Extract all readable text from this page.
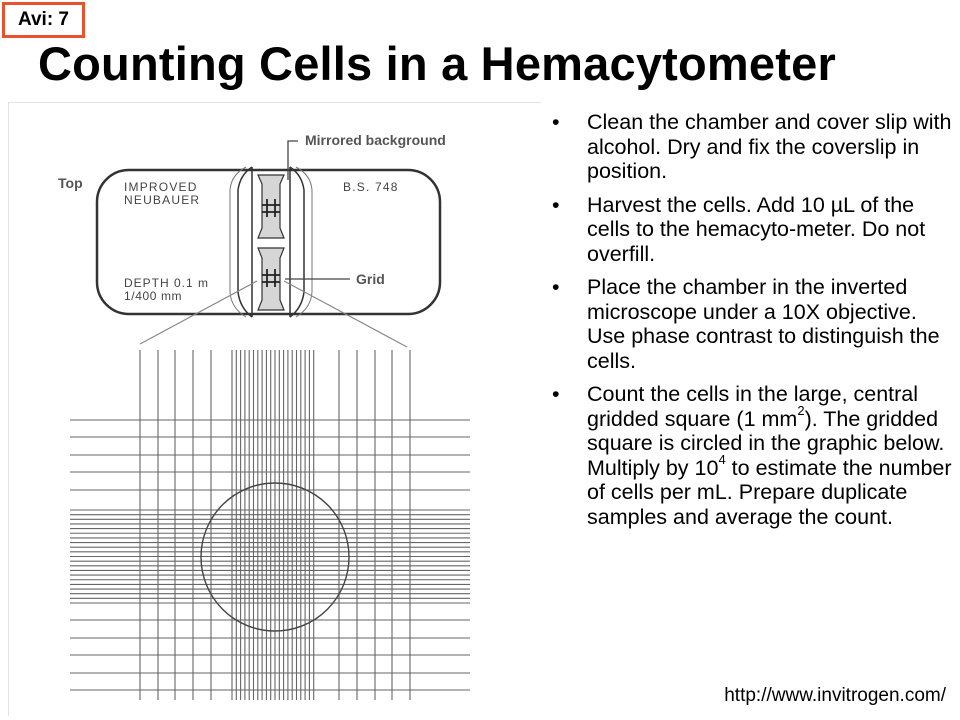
Avi: 7
Counting Cells in a Hemacytometer
Top	IMPROVED
NEUBAUER
B.S. 748
DEPTH 0.1 m
1/400 mm
Mirrored background
Grid
• Clean the chamber and cover slip with alcohol. Dry and fix the coverslip in position.
• Harvest the cells. Add 10 µL of the cells to the hemacyto-meter. Do not overfill.
• Place the chamber in the inverted microscope under a 10X objective. Use phase contrast to distinguish the cells.
• Count the cells in the large, central gridded square (1 $mm^2$). The gridded square is circled in the graphic below. Multiply by $10^4$ to estimate the number of cells per mL. Prepare duplicate samples and average the count.
http://www.invitrogen.com/
